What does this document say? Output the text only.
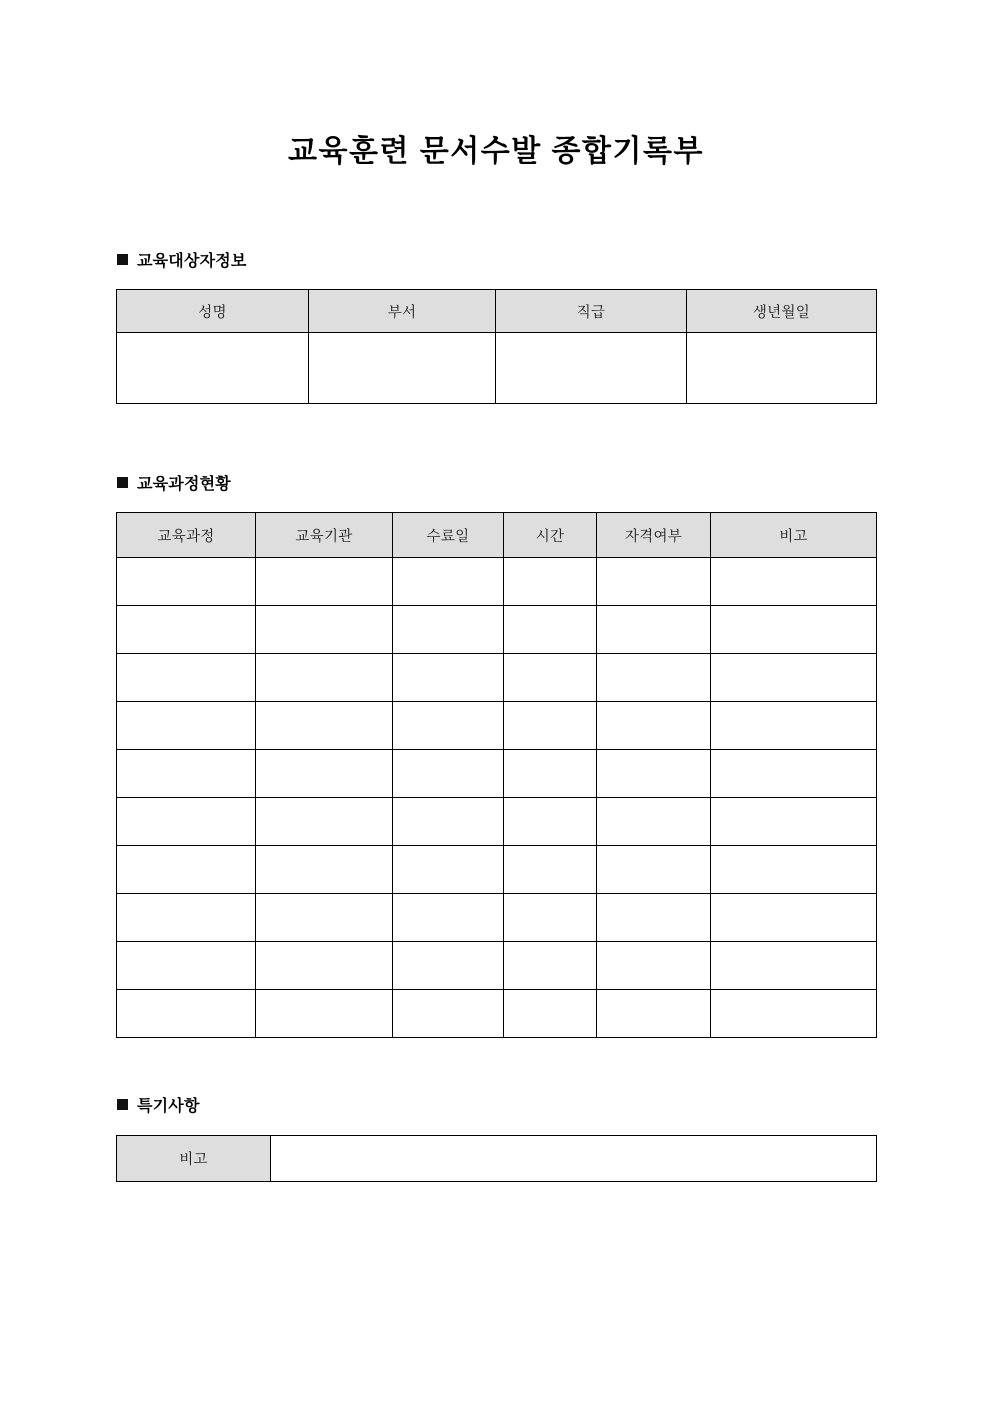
교육훈련 문서수발 종합기록부
교육대상자정보
성명	부서	직급	생년월일

교육과정현황
교육과정	교육기관	수료일	시간	자격여부	비고

특기사항
비고	
